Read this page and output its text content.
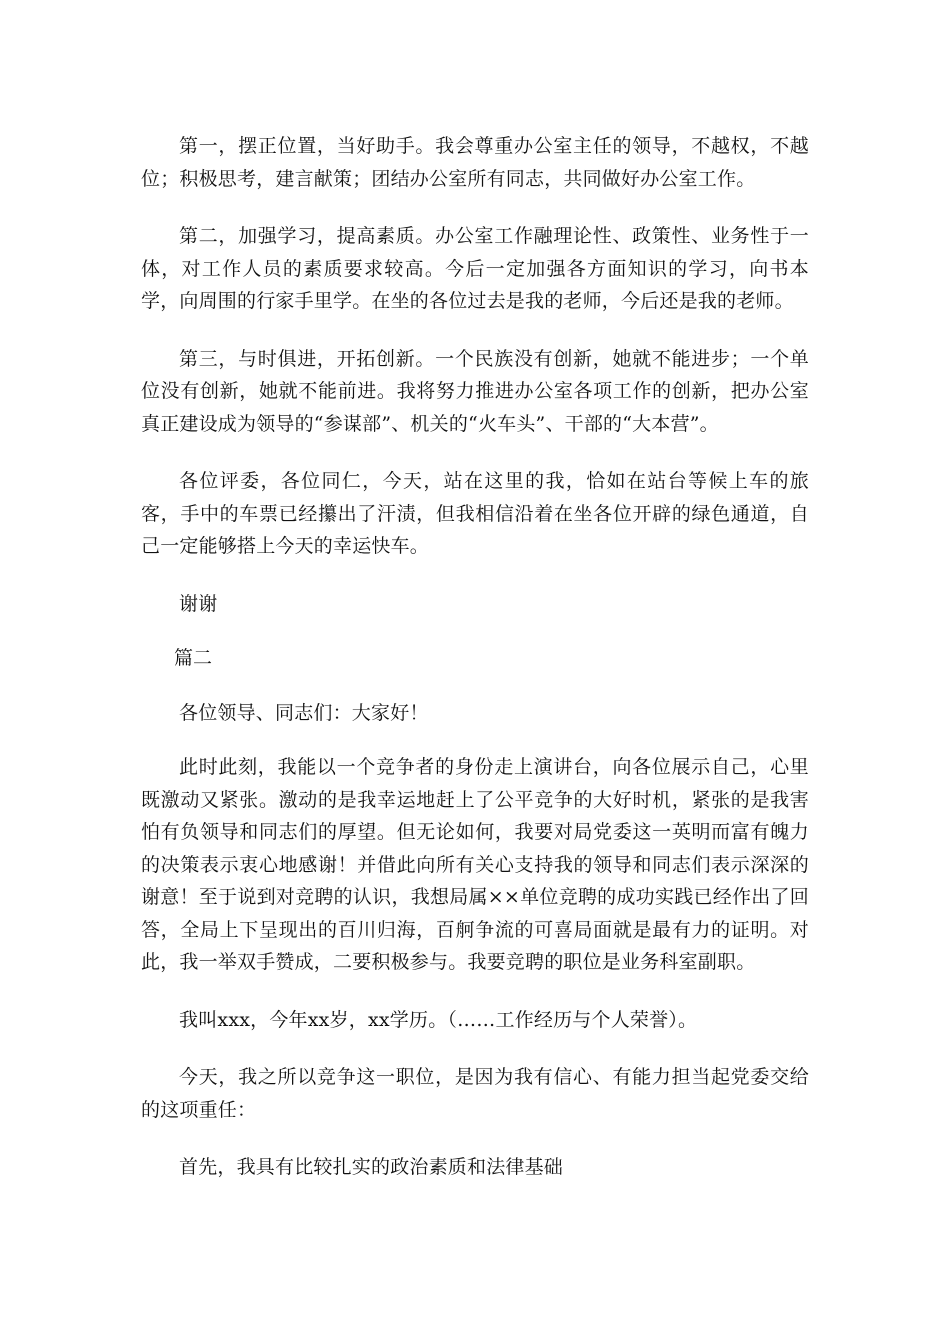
第一，摆正位置，当好助手。我会尊重办公室主任的领导，不越权，不越位；积极思考，建言献策；团结办公室所有同志，共同做好办公室工作。

第二，加强学习，提高素质。办公室工作融理论性、政策性、业务性于一体，对工作人员的素质要求较高。今后一定加强各方面知识的学习，向书本学，向周围的行家手里学。在坐的各位过去是我的老师，今后还是我的老师。

第三，与时俱进，开拓创新。一个民族没有创新，她就不能进步；一个单位没有创新，她就不能前进。我将努力推进办公室各项工作的创新，把办公室真正建设成为领导的“参谋部”、机关的“火车头”、干部的“大本营”。

各位评委，各位同仁，今天，站在这里的我，恰如在站台等候上车的旅客，手中的车票已经攥出了汗渍，但我相信沿着在坐各位开辟的绿色通道，自己一定能够搭上今天的幸运快车。

谢谢

篇二

各位领导、同志们：大家好！

此时此刻，我能以一个竞争者的身份走上演讲台，向各位展示自己，心里既激动又紧张。激动的是我幸运地赶上了公平竞争的大好时机，紧张的是我害怕有负领导和同志们的厚望。但无论如何，我要对局党委这一英明而富有魄力的决策表示衷心地感谢！并借此向所有关心支持我的领导和同志们表示深深的谢意！至于说到对竞聘的认识，我想局属××单位竞聘的成功实践已经作出了回答，全局上下呈现出的百川归海，百舸争流的可喜局面就是最有力的证明。对此，我一举双手赞成，二要积极参与。我要竞聘的职位是业务科室副职。

我叫xxx，今年xx岁，xx学历。（……工作经历与个人荣誉）。

今天，我之所以竞争这一职位，是因为我有信心、有能力担当起党委交给的这项重任：

首先，我具有比较扎实的政治素质和法律基础
